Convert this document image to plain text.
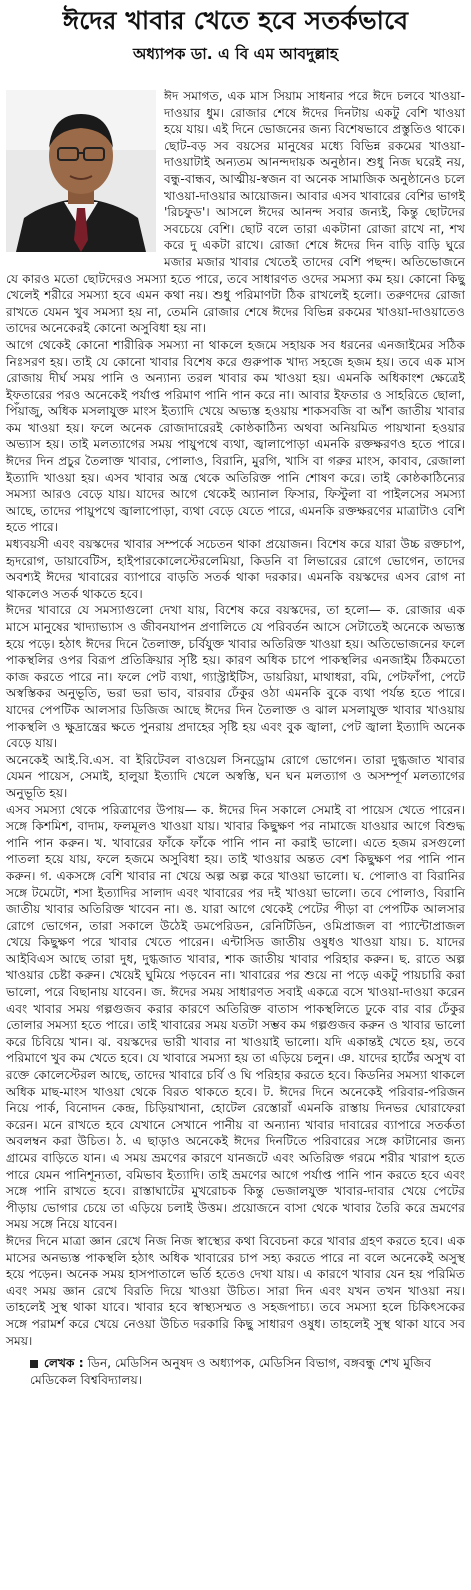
ঈদের খাবার খেতে হবে সতর্কভাবে
অধ্যাপক ডা. এ বি এম আবদুল্লাহ

ঈদ সমাগত, এক মাস সিয়াম সাধনার পরে ঈদে চলবে খাওয়া-দাওয়ার ধুম। রোজার শেষে ঈদের দিনটায় একটু বেশি খাওয়া হয়ে যায়। এই দিনে ভোজনের জন্য বিশেষভাবে প্রস্তুতিও থাকে। ছোট-বড় সব বয়সের মানুষের মধ্যে বিভিন্ন রকমের খাওয়া-দাওয়াটাই অন্যতম আনন্দদায়ক অনুষ্ঠান। শুধু নিজ ঘরেই নয়, বন্ধু-বান্ধব, আত্মীয়-স্বজন বা অনেক সামাজিক অনুষ্ঠানেও চলে খাওয়া-দাওয়ার আয়োজন। আবার এসব খাবারের বেশির ভাগই 'রিচফুড'। আসলে ঈদের আনন্দ সবার জন্যই, কিন্তু ছোটদের সবচেয়ে বেশি। ছোট বলে তারা একটানা রোজা রাখে না, শখ করে দু একটা রাখে। রোজা শেষে ঈদের দিন বাড়ি বাড়ি ঘুরে মজার মজার খাবার খেতেই তাদের বেশি পছন্দ। অতিভোজনে যে কারও মতো ছোটদেরও সমস্যা হতে পারে, তবে সাধারণত ওদের সমস্যা কম হয়। কোনো কিছু খেলেই শরীরে সমস্যা হবে এমন কথা নয়। শুধু পরিমাণটা ঠিক রাখলেই হলো। তরুণদের রোজা রাখতে যেমন খুব সমস্যা হয় না, তেমনি রোজার শেষে ঈদের বিভিন্ন রকমের খাওয়া-দাওয়াতেও তাদের অনেকেরই কোনো অসুবিধা হয় না।

আগে থেকেই কোনো শারীরিক সমস্যা না থাকলে হজমে সহায়ক সব ধরনের এনজাইমের সঠিক নিঃসরণ হয়। তাই যে কোনো খাবার বিশেষ করে গুরুপাক খাদ্য সহজে হজম হয়। তবে এক মাস রোজায় দীর্ঘ সময় পানি ও অন্যান্য তরল খাবার কম খাওয়া হয়। এমনকি অধিকাংশ ক্ষেত্রেই ইফতারের পরও অনেকেই পর্যাপ্ত পরিমাণ পানি পান করে না। আবার ইফতার ও সাহরিতে ছোলা, পিঁয়াজু, অধিক মসলাযুক্ত মাংস ইত্যাদি খেয়ে অভ্যস্ত হওয়ায় শাকসবজি বা আঁশ জাতীয় খাবার কম খাওয়া হয়। ফলে অনেক রোজাদারেরই কোষ্ঠকাঠিন্য অথবা অনিয়মিত পায়খানা হওয়ার অভ্যাস হয়। তাই মলত্যাগের সময় পায়ুপথে ব্যথা, জ্বালাপোড়া এমনকি রক্তক্ষরণও হতে পারে। ঈদের দিন প্রচুর তৈলাক্ত খাবার, পোলাও, বিরানি, মুরগি, খাসি বা গরুর মাংস, কাবাব, রেজালা ইত্যাদি খাওয়া হয়। এসব খাবার অন্ত্র থেকে অতিরিক্ত পানি শোষণ করে। তাই কোষ্ঠকাঠিন্যের সমস্যা আরও বেড়ে যায়। যাদের আগে থেকেই অ্যানাল ফিসার, ফিস্টুলা বা পাইলসের সমস্যা আছে, তাদের পায়ুপথে জ্বালাপোড়া, ব্যথা বেড়ে যেতে পারে, এমনকি রক্তক্ষরণের মাত্রাটাও বেশি হতে পারে।

মধ্যবয়সী এবং বয়স্কদের খাবার সম্পর্কে সচেতন থাকা প্রয়োজন। বিশেষ করে যারা উচ্চ রক্তচাপ, হৃদরোগ, ডায়াবেটিস, হাইপারকোলেস্টেরলেমিয়া, কিডনি বা লিভারের রোগে ভোগেন, তাদের অবশ্যই ঈদের খাবারের ব্যাপারে বাড়তি সতর্ক থাকা দরকার। এমনকি বয়স্কদের এসব রোগ না থাকলেও সতর্ক থাকতে হবে।

ঈদের খাবারে যে সমস্যাগুলো দেখা যায়, বিশেষ করে বয়স্কদের, তা হলো— ক. রোজার এক মাসে মানুষের খাদ্যাভ্যাস ও জীবনযাপন প্রণালিতে যে পরিবর্তন আসে সেটাতেই অনেকে অভ্যস্ত হয়ে পড়ে। হঠাৎ ঈদের দিনে তৈলাক্ত, চর্বিযুক্ত খাবার অতিরিক্ত খাওয়া হয়। অতিভোজনের ফলে পাকস্থলির ওপর বিরূপ প্রতিক্রিয়ার সৃষ্টি হয়। কারণ অধিক চাপে পাকস্থলির এনজাইম ঠিকমতো কাজ করতে পারে না। ফলে পেট ব্যথা, গ্যাস্ট্রাইটিস, ডায়রিয়া, মাথাধরা, বমি, পেটফাঁপা, পেটে অস্বস্তিকর অনুভূতি, ভরা ভরা ভাব, বারবার ঢেঁকুর ওঠা এমনকি বুকে ব্যথা পর্যন্ত হতে পারে। যাদের পেপটিক আলসার ডিজিজ আছে ঈদের দিন তৈলাক্ত ও ঝাল মসলাযুক্ত খাবার খাওয়ায় পাকস্থলি ও ক্ষুদ্রান্ত্রের ক্ষতে পুনরায় প্রদাহের সৃষ্টি হয় এবং বুক জ্বালা, পেট জ্বালা ইত্যাদি অনেক বেড়ে যায়।

অনেকেই আই.বি.এস. বা ইরিটেবল বাওয়েল সিনড্রোম রোগে ভোগেন। তারা দুগ্ধজাত খাবার যেমন পায়েস, সেমাই, হালুয়া ইত্যাদি খেলে অস্বস্তি, ঘন ঘন মলত্যাগ ও অসম্পূর্ণ মলত্যাগের অনুভূতি হয়।

এসব সমস্যা থেকে পরিত্রাণের উপায়— ক. ঈদের দিন সকালে সেমাই বা পায়েস খেতে পারেন। সঙ্গে কিশমিশ, বাদাম, ফলমূলও খাওয়া যায়। খাবার কিছুক্ষণ পর নামাজে যাওয়ার আগে বিশুদ্ধ পানি পান করুন। খ. খাবারের ফাঁকে ফাঁকে পানি পান না করাই ভালো। এতে হজম রসগুলো পাতলা হয়ে যায়, ফলে হজমে অসুবিধা হয়। তাই খাওয়ার অন্তত বেশ কিছুক্ষণ পর পানি পান করুন। গ. একসঙ্গে বেশি খাবার না খেয়ে অল্প অল্প করে খাওয়া ভালো। ঘ. পোলাও বা বিরানির সঙ্গে টমেটো, শসা ইত্যাদির সালাদ এবং খাবারের পর দই খাওয়া ভালো। তবে পোলাও, বিরানি জাতীয় খাবার অতিরিক্ত খাবেন না। ঙ. যারা আগে থেকেই পেটের পীড়া বা পেপটিক আলসার রোগে ভোগেন, তারা সকালে উঠেই ডমপেরিডন, রেনিটিডিন, ওমিপ্রাজল বা প্যান্টোপ্রাজল খেয়ে কিছুক্ষণ পরে খাবার খেতে পারেন। এন্টাসিড জাতীয় ওষুধও খাওয়া যায়। চ. যাদের আইবিএস আছে তারা দুধ, দুগ্ধজাত খাবার, শাক জাতীয় খাবার পরিহার করুন। ছ. রাতে অল্প খাওয়ার চেষ্টা করুন। খেয়েই ঘুমিয়ে পড়বেন না। খাবারের পর শুয়ে না পড়ে একটু পায়চারি করা ভালো, পরে বিছানায় যাবেন। জ. ঈদের সময় সাধারণত সবাই একত্রে বসে খাওয়া-দাওয়া করেন এবং খাবার সময় গল্পগুজব করার কারণে অতিরিক্ত বাতাস পাকস্থলিতে ঢুকে বার বার ঢেঁকুর তোলার সমস্যা হতে পারে। তাই খাবারের সময় যতটা সম্ভব কম গল্পগুজব করুন ও খাবার ভালো করে চিবিয়ে খান। ঝ. বয়স্কদের ভারী খাবার না খাওয়াই ভালো। যদি একান্তই খেতে হয়, তবে পরিমাণে খুব কম খেতে হবে। যে খাবারে সমস্যা হয় তা এড়িয়ে চলুন। ঞ. যাদের হার্টের অসুখ বা রক্তে কোলেস্টেরল আছে, তাদের খাবারে চর্বি ও ঘি পরিহার করতে হবে। কিডনির সমস্যা থাকলে অধিক মাছ-মাংস খাওয়া থেকে বিরত থাকতে হবে। ট. ঈদের দিনে অনেকেই পরিবার-পরিজন নিয়ে পার্ক, বিনোদন কেন্দ্র, চিড়িয়াখানা, হোটেল রেস্তোরাঁ এমনকি রাস্তায় দিনভর ঘোরাফেরা করেন। মনে রাখতে হবে যেখানে সেখানে পানীয় বা অন্যান্য খাবার দাবারের ব্যাপারে সতর্কতা অবলম্বন করা উচিত। ঠ. এ ছাড়াও অনেকেই ঈদের দিনটিতে পরিবারের সঙ্গে কাটানোর জন্য গ্রামের বাড়িতে যান। এ সময় ভ্রমণের কারণে যানজটে এবং অতিরিক্ত গরমে শরীর খারাপ হতে পারে যেমন পানিশূন্যতা, বমিভাব ইত্যাদি। তাই ভ্রমণের আগে পর্যাপ্ত পানি পান করতে হবে এবং সঙ্গে পানি রাখতে হবে। রাস্তাঘাটের মুখরোচক কিন্তু ভেজালযুক্ত খাবার-দাবার খেয়ে পেটের পীড়ায় ভোগার চেয়ে তা এড়িয়ে চলাই উত্তম। প্রয়োজনে বাসা থেকে খাবার তৈরি করে ভ্রমণের সময় সঙ্গে নিয়ে যাবেন।

ঈদের দিনে মাত্রা জ্ঞান রেখে নিজ নিজ স্বাস্থ্যের কথা বিবেচনা করে খাবার গ্রহণ করতে হবে। এক মাসের অনভ্যস্ত পাকস্থলি হঠাৎ অধিক খাবারের চাপ সহ্য করতে পারে না বলে অনেকেই অসুস্থ হয়ে পড়েন। অনেক সময় হাসপাতালে ভর্তি হতেও দেখা যায়। এ কারণে খাবার যেন হয় পরিমিত এবং সময় জ্ঞান রেখে বিরতি দিয়ে খাওয়া উচিত। সারা দিন এবং যখন তখন খাওয়া নয়। তাহলেই সুস্থ থাকা যাবে। খাবার হবে স্বাস্থ্যসম্মত ও সহজপাচ্য। তবে সমস্যা হলে চিকিৎসকের সঙ্গে পরামর্শ করে খেয়ে নেওয়া উচিত দরকারি কিছু সাধারণ ওষুধ। তাহলেই সুস্থ থাকা যাবে সব সময়।

লেখক : ডিন, মেডিসিন অনুষদ ও অধ্যাপক, মেডিসিন বিভাগ, বঙ্গবন্ধু শেখ মুজিব মেডিকেল বিশ্ববিদ্যালয়।
